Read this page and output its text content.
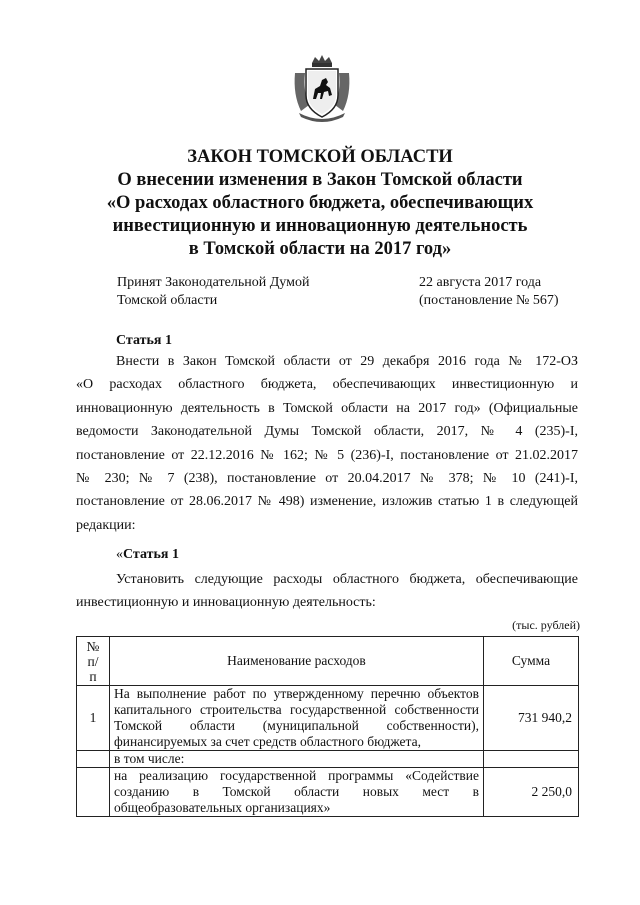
ЗАКОН ТОМСКОЙ ОБЛАСТИ
О внесении изменения в Закон Томской области
«О расходах областного бюджета, обеспечивающих
инвестиционную и инновационную деятельность
в Томской области на 2017 год»
Принят Законодательной Думой
Томской области
22 августа 2017 года
(постановление № 567)
Статья 1
Внести в Закон Томской области от 29 декабря 2016 года № 172-ОЗ
«О расходах областного бюджета, обеспечивающих инвестиционную и
инновационную деятельность в Томской области на 2017 год» (Официальные
ведомости Законодательной Думы Томской области, 2017, № 4 (235)-I,
постановление от 22.12.2016 № 162; № 5 (236)-I, постановление от 21.02.2017
№ 230; № 7 (238), постановление от 20.04.2017 № 378; № 10 (241)-I,
постановление от 28.06.2017 № 498) изменение, изложив статью 1 в следующей
редакции:
«Статья 1
Установить следующие расходы областного бюджета, обеспечивающие
инвестиционную и инновационную деятельность:
(тыс. рублей)
№
п/
п	Наименование расходов	Сумма
1	На выполнение работ по утвержденному перечню объектов
капитального строительства государственной собственности
Томской области (муниципальной собственности),
финансируемых за счет средств областного бюджета,	731 940,2

	в том числе:	

	на реализацию государственной программы «Содействие
созданию в Томской области новых мест в
общеобразовательных организациях»	2 250,0
